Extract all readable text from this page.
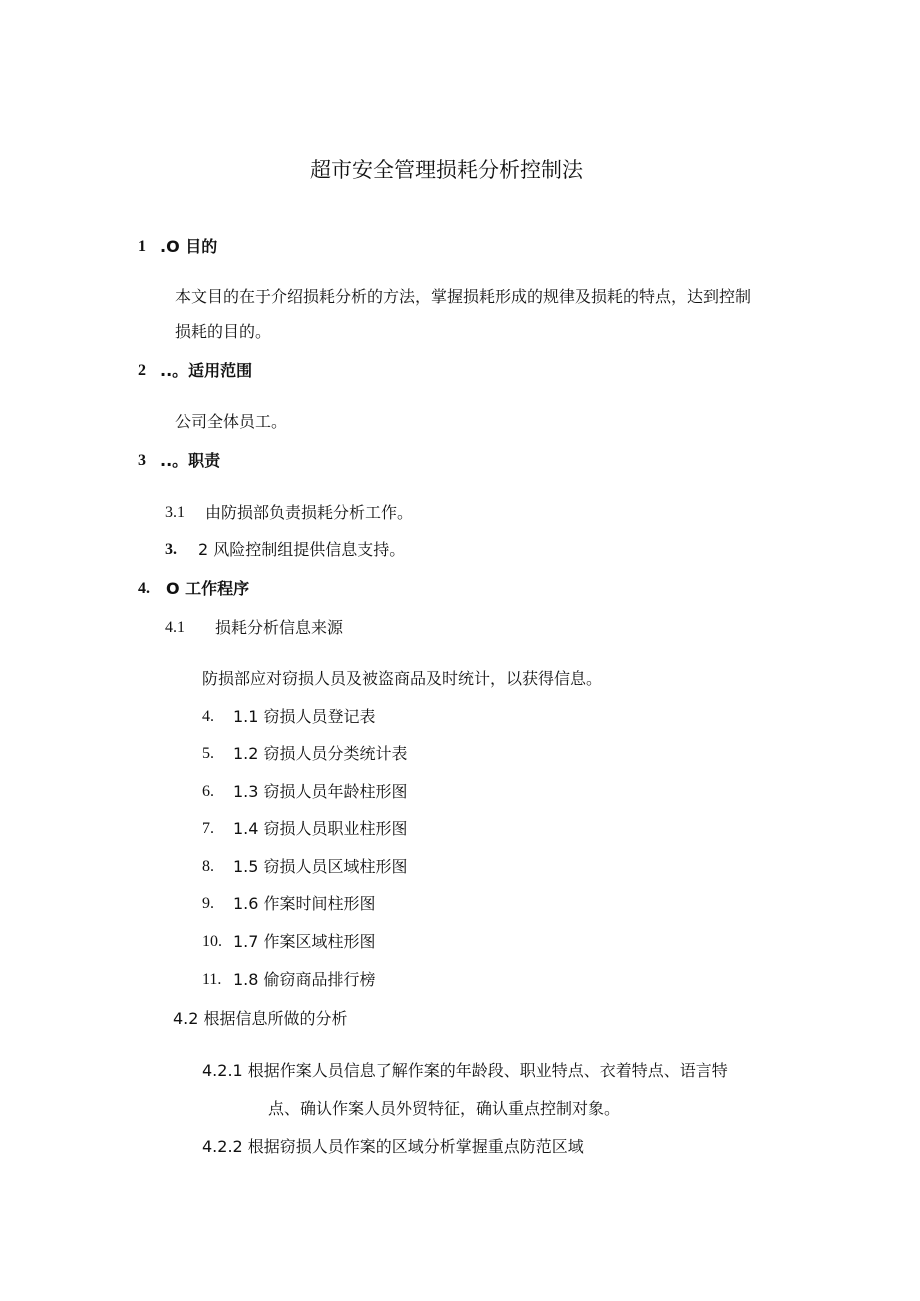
超市安全管理损耗分析控制法
1 .O 目的
本文目的在于介绍损耗分析的方法，掌握损耗形成的规律及损耗的特点，达到控制
损耗的目的。
2 ..。适用范围
公司全体员工。
3 ..。职责
3.1 由防损部负责损耗分析工作。
3. 2 风险控制组提供信息支持。
4. O 工作程序
4.1 损耗分析信息来源
防损部应对窃损人员及被盗商品及时统计，以获得信息。
4. 1.1 窃损人员登记表
5. 1.2 窃损人员分类统计表
6. 1.3 窃损人员年龄柱形图
7. 1.4 窃损人员职业柱形图
8. 1.5 窃损人员区域柱形图
9. 1.6 作案时间柱形图
10. 1.7 作案区域柱形图
11. 1.8 偷窃商品排行榜
4.2 根据信息所做的分析
4.2.1 根据作案人员信息了解作案的年龄段、职业特点、衣着特点、语言特
点、确认作案人员外贸特征，确认重点控制对象。
4.2.2 根据窃损人员作案的区域分析掌握重点防范区域
